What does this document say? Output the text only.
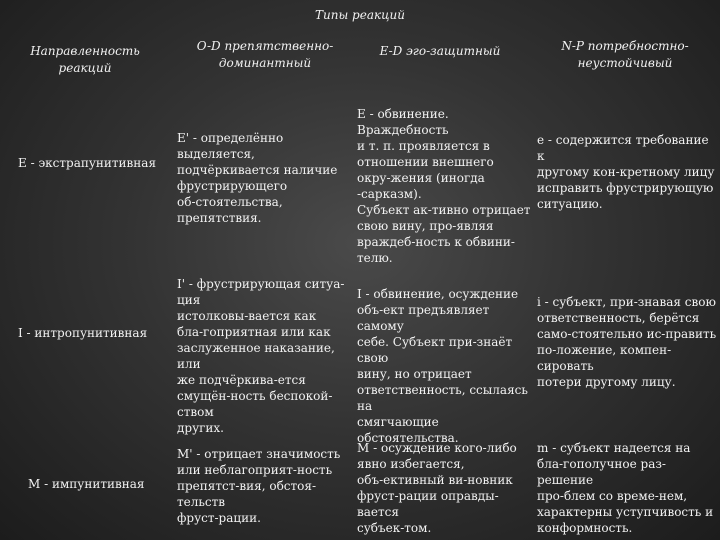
Типы реакций
Направленность реакций
O-D препятственно-доминантный
E-D эго-защитный	N-P потребностно-неустойчивый
E - экстрапунитивная
E' - определённо выделяется,
подчёркивается наличие
фрустрирующего
об-стоятельства, препятствия.
E - обвинение. Враждебность
и т. п. проявляется в
отношении внешнего
окру-жения (иногда -сарказм).
Субъект ак-тивно отрицает
свою вину, про-являя
враждеб-ность к обвини-телю.
e - содержится требование к
другому кон-кретному лицу
исправить фрустрирующую
ситуацию.
I - интропунитивная
I' - фрустрирующая ситуа-ция
истолковы-вается как
бла-гоприятная или как
заслуженное наказание, или
же подчёркива-ется
смущён-ность беспокой-ством
других.
I - обвинение, осуждение
объ-ект предъявляет самому
себе. Субъект при-знаёт свою
вину, но отрицает
ответственность, ссылаясь на
смягчающие обстоятельства.
i - субъект, при-знавая свою
ответственность, берётся
само-стоятельно ис-править
по-ложение, компен-сировать
потери другому лицу.
M - импунитивная
M' - отрицает значимость
или неблагоприят-ность
препятст-вия, обстоя-тельств
фруст-рации.
M - осуждение кого-либо
явно избегается,
объ-ективный ви-новник
фруст-рации оправды-вается
субъек-том.
m - субъект надеется на
бла-гополучное раз-решение
про-блем со време-нем,
характерны уступчивость и
конформность.
